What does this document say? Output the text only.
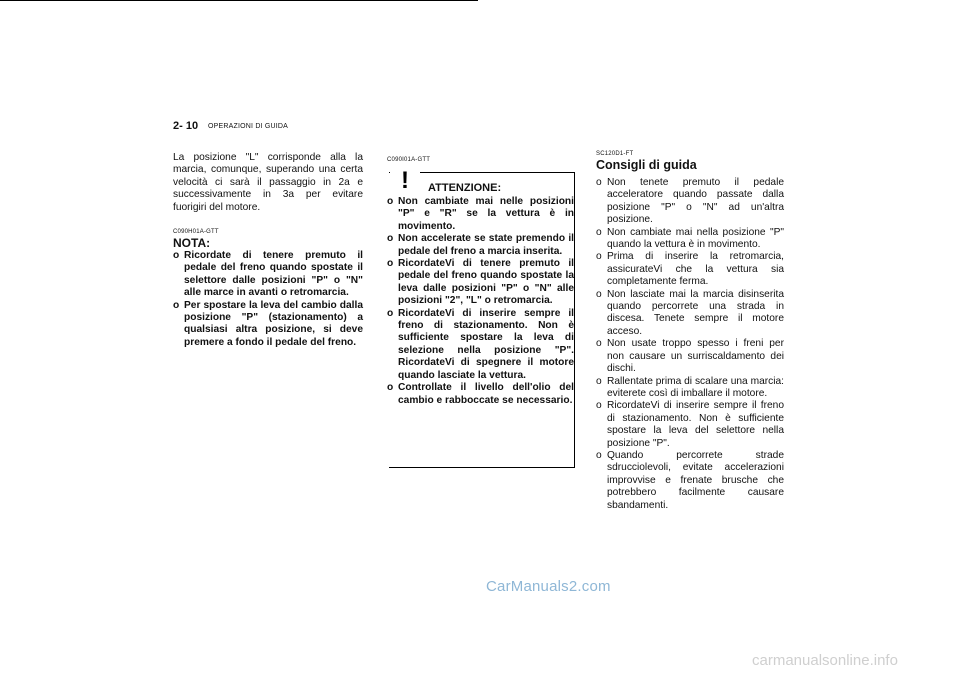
2- 10 OPERAZIONI DI GUIDA

La posizione "L" corrisponde alla la marcia, comunque, superando una certa velocità ci sarà il passaggio in 2a e successivamente in 3a per evitare fuorigiri del motore.

C090H01A-GTT
NOTA:
o Ricordate di tenere premuto il pedale del freno quando spostate il selettore dalle posizioni "P" o "N" alle marce in avanti o retromarcia.
o Per spostare la leva del cambio dalla posizione "P" (stazionamento) a qualsiasi altra posizione, si deve premere a fondo il pedale del freno.
C090I01A-GTT
! ATTENZIONE:
o Non cambiate mai nelle posizioni "P" e "R" se la vettura è in movimento.
o Non accelerate se state premendo il pedale del freno a marcia inserita.
o RicordateVi di tenere premuto il pedale del freno quando spostate la leva dalle posizioni "P" o "N" alle posizioni "2", "L" o retromarcia.
o RicordateVi di inserire sempre il freno di stazionamento. Non è sufficiente spostare la leva di selezione nella posizione "P". RicordateVi di spegnere il motore quando lasciate la vettura.
o Controllate il livello dell'olio del cambio e rabboccate se necessario.
SC120D1-FT
Consigli di guida
o Non tenete premuto il pedale acceleratore quando passate dalla posizione "P" o "N" ad un'altra posizione.
o Non cambiate mai nella posizione "P" quando la vettura è in movimento.
o Prima di inserire la retromarcia, assicurateVi che la vettura sia completamente ferma.
o Non lasciate mai la marcia disinserita quando percorrete una strada in discesa. Tenete sempre il motore acceso.
o Non usate troppo spesso i freni per non causare un surriscaldamento dei dischi.
o Rallentate prima di scalare una marcia: eviterete così di imballare il motore.
o RicordateVi di inserire sempre il freno di stazionamento. Non è sufficiente spostare la leva del selettore nella posizione "P".
o Quando percorrete strade sdrucciolevoli, evitate accelerazioni improvvise e frenate brusche che potrebbero facilmente causare sbandamenti.
CarManuals2.com
carmanualsonline.info
